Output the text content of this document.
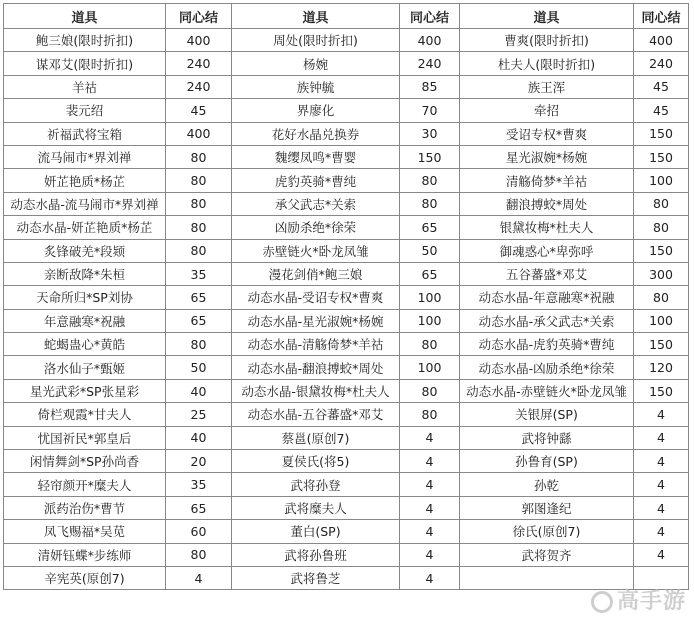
道具	同心结	道具	同心结	道具	同心结
鲍三娘(限时折扣)	400	周处(限时折扣)	400	曹爽(限时折扣)	400
谋邓艾(限时折扣)	240	杨婉	240	杜夫人(限时折扣)	240
羊祜	240	族钟毓	85	族王浑	45
裴元绍	45	界廖化	70	牵招	45
祈福武将宝箱	400	花好水晶兑换券	30	受诏专权*曹爽	150
流马闹市*界刘禅	80	魏缨凤鸣*曹婴	150	星光淑婉*杨婉	150
妍芷艳质*杨芷	80	虎豹英骑*曹纯	80	清觞倚梦*羊祜	100
动态水晶-流马闹市*界刘禅	80	承父武志*关索	80	翻浪搏蛟*周处	80
动态水晶-妍芷艳质*杨芷	80	凶励杀绝*徐荣	65	银黛妆梅*杜夫人	80
炙锋破羌*段颎	80	赤壁链火*卧龙凤雏	50	御魂惑心*卑弥呼	150
亲断敌降*朱桓	35	漫花剑俏*鲍三娘	65	五谷蕃盛*邓艾	300
天命所归*SP刘协	65	动态水晶-受诏专权*曹爽	100	动态水晶-年意融寒*祝融	80
年意融寒*祝融	65	动态水晶-星光淑婉*杨婉	100	动态水晶-承父武志*关索	100
蛇蝎蛊心*黄皓	80	动态水晶-清觞倚梦*羊祜	80	动态水晶-虎豹英骑*曹纯	150
洛水仙子*甄姬	50	动态水晶-翻浪搏蛟*周处	100	动态水晶-凶励杀绝*徐荣	120
星光武彩*SP张星彩	40	动态水晶-银黛妆梅*杜夫人	80	动态水晶-赤壁链火*卧龙凤雏	150
倚栏观霞*甘夫人	25	动态水晶-五谷蕃盛*邓艾	80	关银屏(SP)	4
忧国祈民*郭皇后	40	蔡邕(原创7)	4	武将钟繇	4
闲情舞剑*SP孙尚香	20	夏侯氏(将5)	4	孙鲁育(SP)	4
轻帘颜开*糜夫人	35	武将孙登	4	孙乾	4
派药治伤*曹节	65	武将糜夫人	4	郭图逢纪	4
凤飞赐福*吴苋	60	董白(SP)	4	徐氏(原创7)	4
清妍钰蝶*步练师	80	武将孙鲁班	4	武将贺齐	4
辛宪英(原创7)	4	武将鲁芝	4		
高手游
